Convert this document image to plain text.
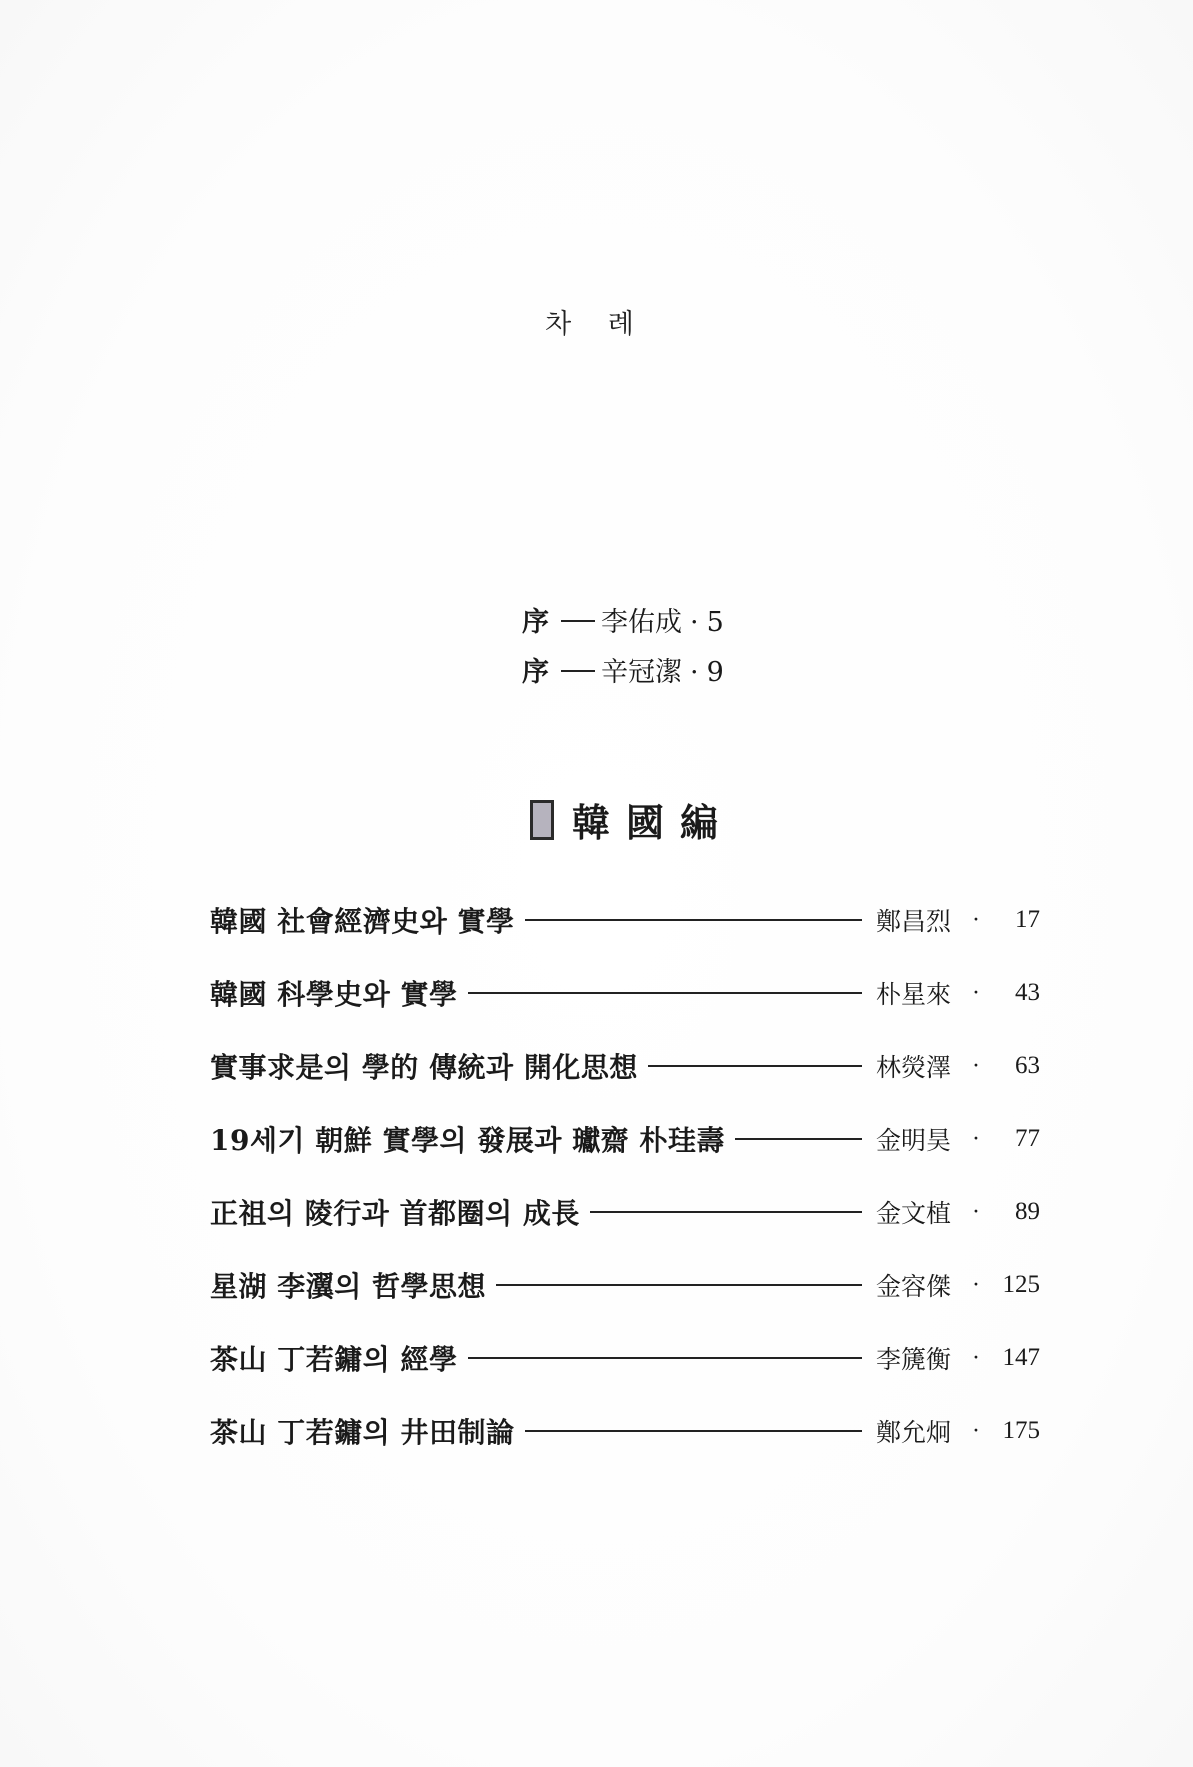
차 례
序 李佑成 · 5
序 辛冠潔 · 9
韓國編
韓國 社會經濟史와 實學	鄭昌烈 ·	17
韓國 科學史와 實學	朴星來 ·	43
實事求是의 學的 傳統과 開化思想	林熒澤 ·	63
19세기 朝鮮 實學의 發展과 瓛齋 朴珪壽	金明昊 ·	77
正祖의 陵行과 首都圈의 成長	金文植 ·	89
星湖 李瀷의 哲學思想	金容傑 · 125
茶山 丁若鏞의 經學	李篪衡 · 147
茶山 丁若鏞의 井田制論	鄭允炯 · 175
